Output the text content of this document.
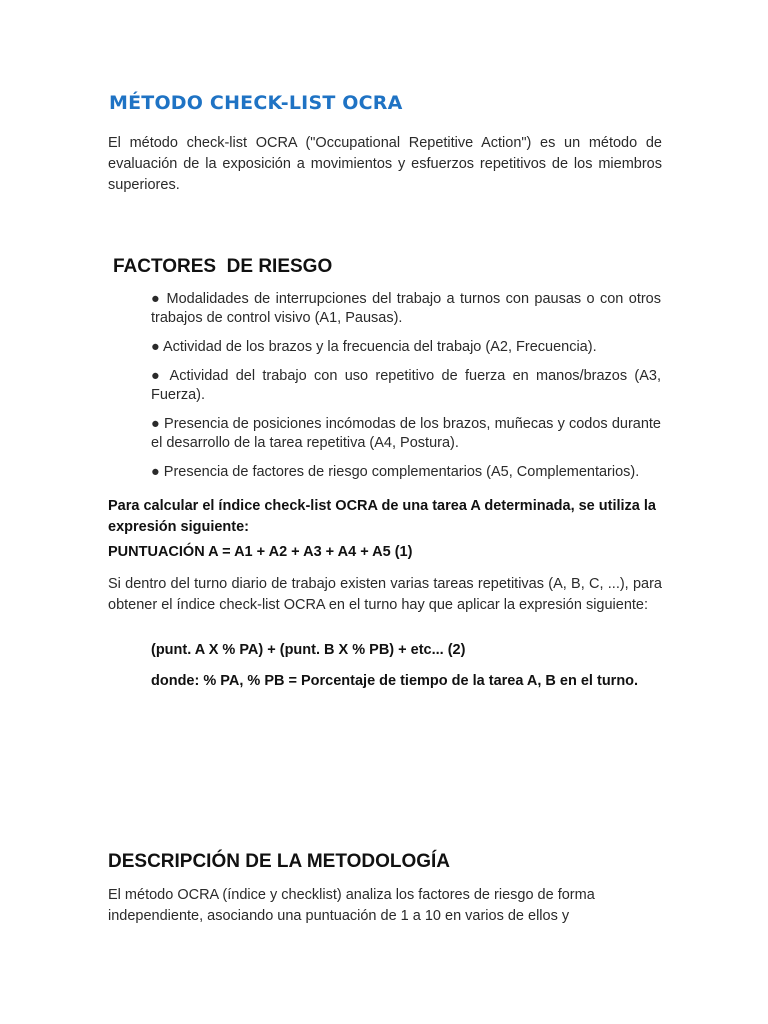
MÉTODO CHECK-LIST OCRA
El método check-list OCRA ("Occupational Repetitive Action") es un método de evaluación de la exposición a movimientos y esfuerzos repetitivos de los miembros superiores.
FACTORES  DE RIESGO
● Modalidades de interrupciones del trabajo a turnos con pausas o con otros trabajos de control visivo (A1, Pausas).
● Actividad de los brazos y la frecuencia del trabajo (A2, Frecuencia).
● Actividad del trabajo con uso repetitivo de fuerza en manos/brazos (A3, Fuerza).
● Presencia de posiciones incómodas de los brazos, muñecas y codos durante el desarrollo de la tarea repetitiva (A4, Postura).
● Presencia de factores de riesgo complementarios (A5, Complementarios).
Para calcular el índice check-list OCRA de una tarea A determinada, se utiliza la expresión siguiente:
PUNTUACIÓN A = A1 + A2 + A3 + A4 + A5 (1)
Si dentro del turno diario de trabajo existen varias tareas repetitivas (A, B, C, ...), para obtener el índice check-list OCRA en el turno hay que aplicar la expresión siguiente:
(punt. A X % PA) + (punt. B X % PB) + etc... (2)
donde: % PA, % PB = Porcentaje de tiempo de la tarea A, B en el turno.
DESCRIPCIÓN DE LA METODOLOGÍA
El método OCRA (índice y checklist) analiza los factores de riesgo de forma independiente, asociando una puntuación de 1 a 10 en varios de ellos y
